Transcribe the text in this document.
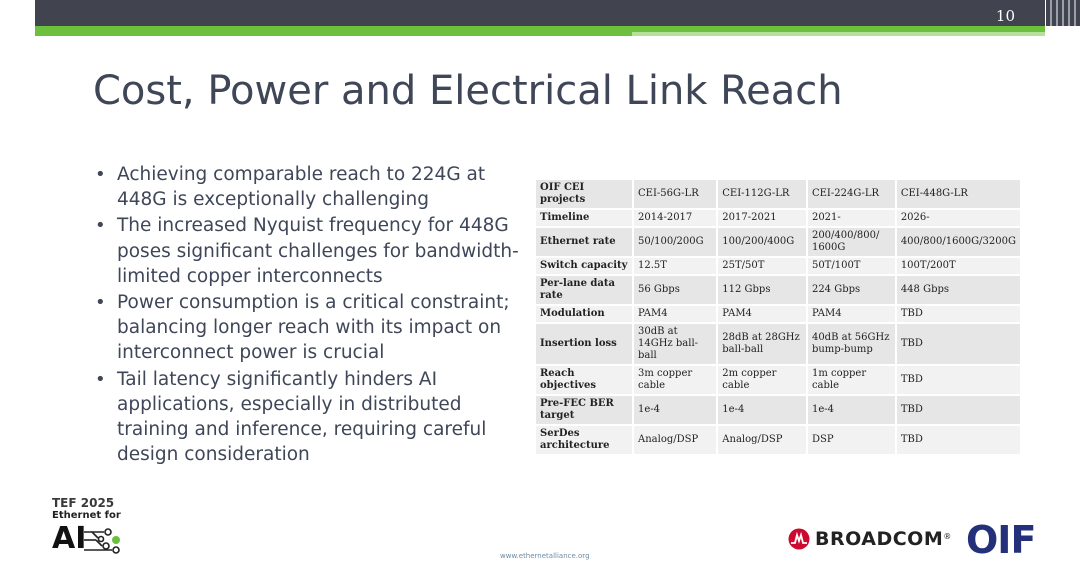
10
Cost, Power and Electrical Link Reach
• Achieving comparable reach to 224G at 448G is exceptionally challenging
• The increased Nyquist frequency for 448G poses significant challenges for bandwidth-limited copper interconnects
• Power consumption is a critical constraint; balancing longer reach with its impact on interconnect power is crucial
• Tail latency significantly hinders AI applications, especially in distributed training and inference, requiring careful design consideration
OIF CEI projects	CEI-56G-LR	CEI-112G-LR	CEI-224G-LR	CEI-448G-LR
Timeline	2014-2017	2017-2021	2021-	2026-
Ethernet rate	50/100/200G	100/200/400G	200/400/800/ 1600G	400/800/1600G/3200G
Switch capacity	12.5T	25T/50T	50T/100T	100T/200T
Per-lane data rate	56 Gbps	112 Gbps	224 Gbps	448 Gbps
Modulation	PAM4	PAM4	PAM4	TBD
Insertion loss	30dB at 14GHz ball-ball	28dB at 28GHz ball-ball	40dB at 56GHz bump-bump	TBD
Reach objectives	3m copper cable	2m copper cable	1m copper cable	TBD
Pre-FEC BER target	1e-4	1e-4	1e-4	TBD
SerDes architecture	Analog/DSP	Analog/DSP	DSP	TBD
TEF 2025
Ethernet for
AI	www.ethernetalliance.org
BROADCOM ® OIF
